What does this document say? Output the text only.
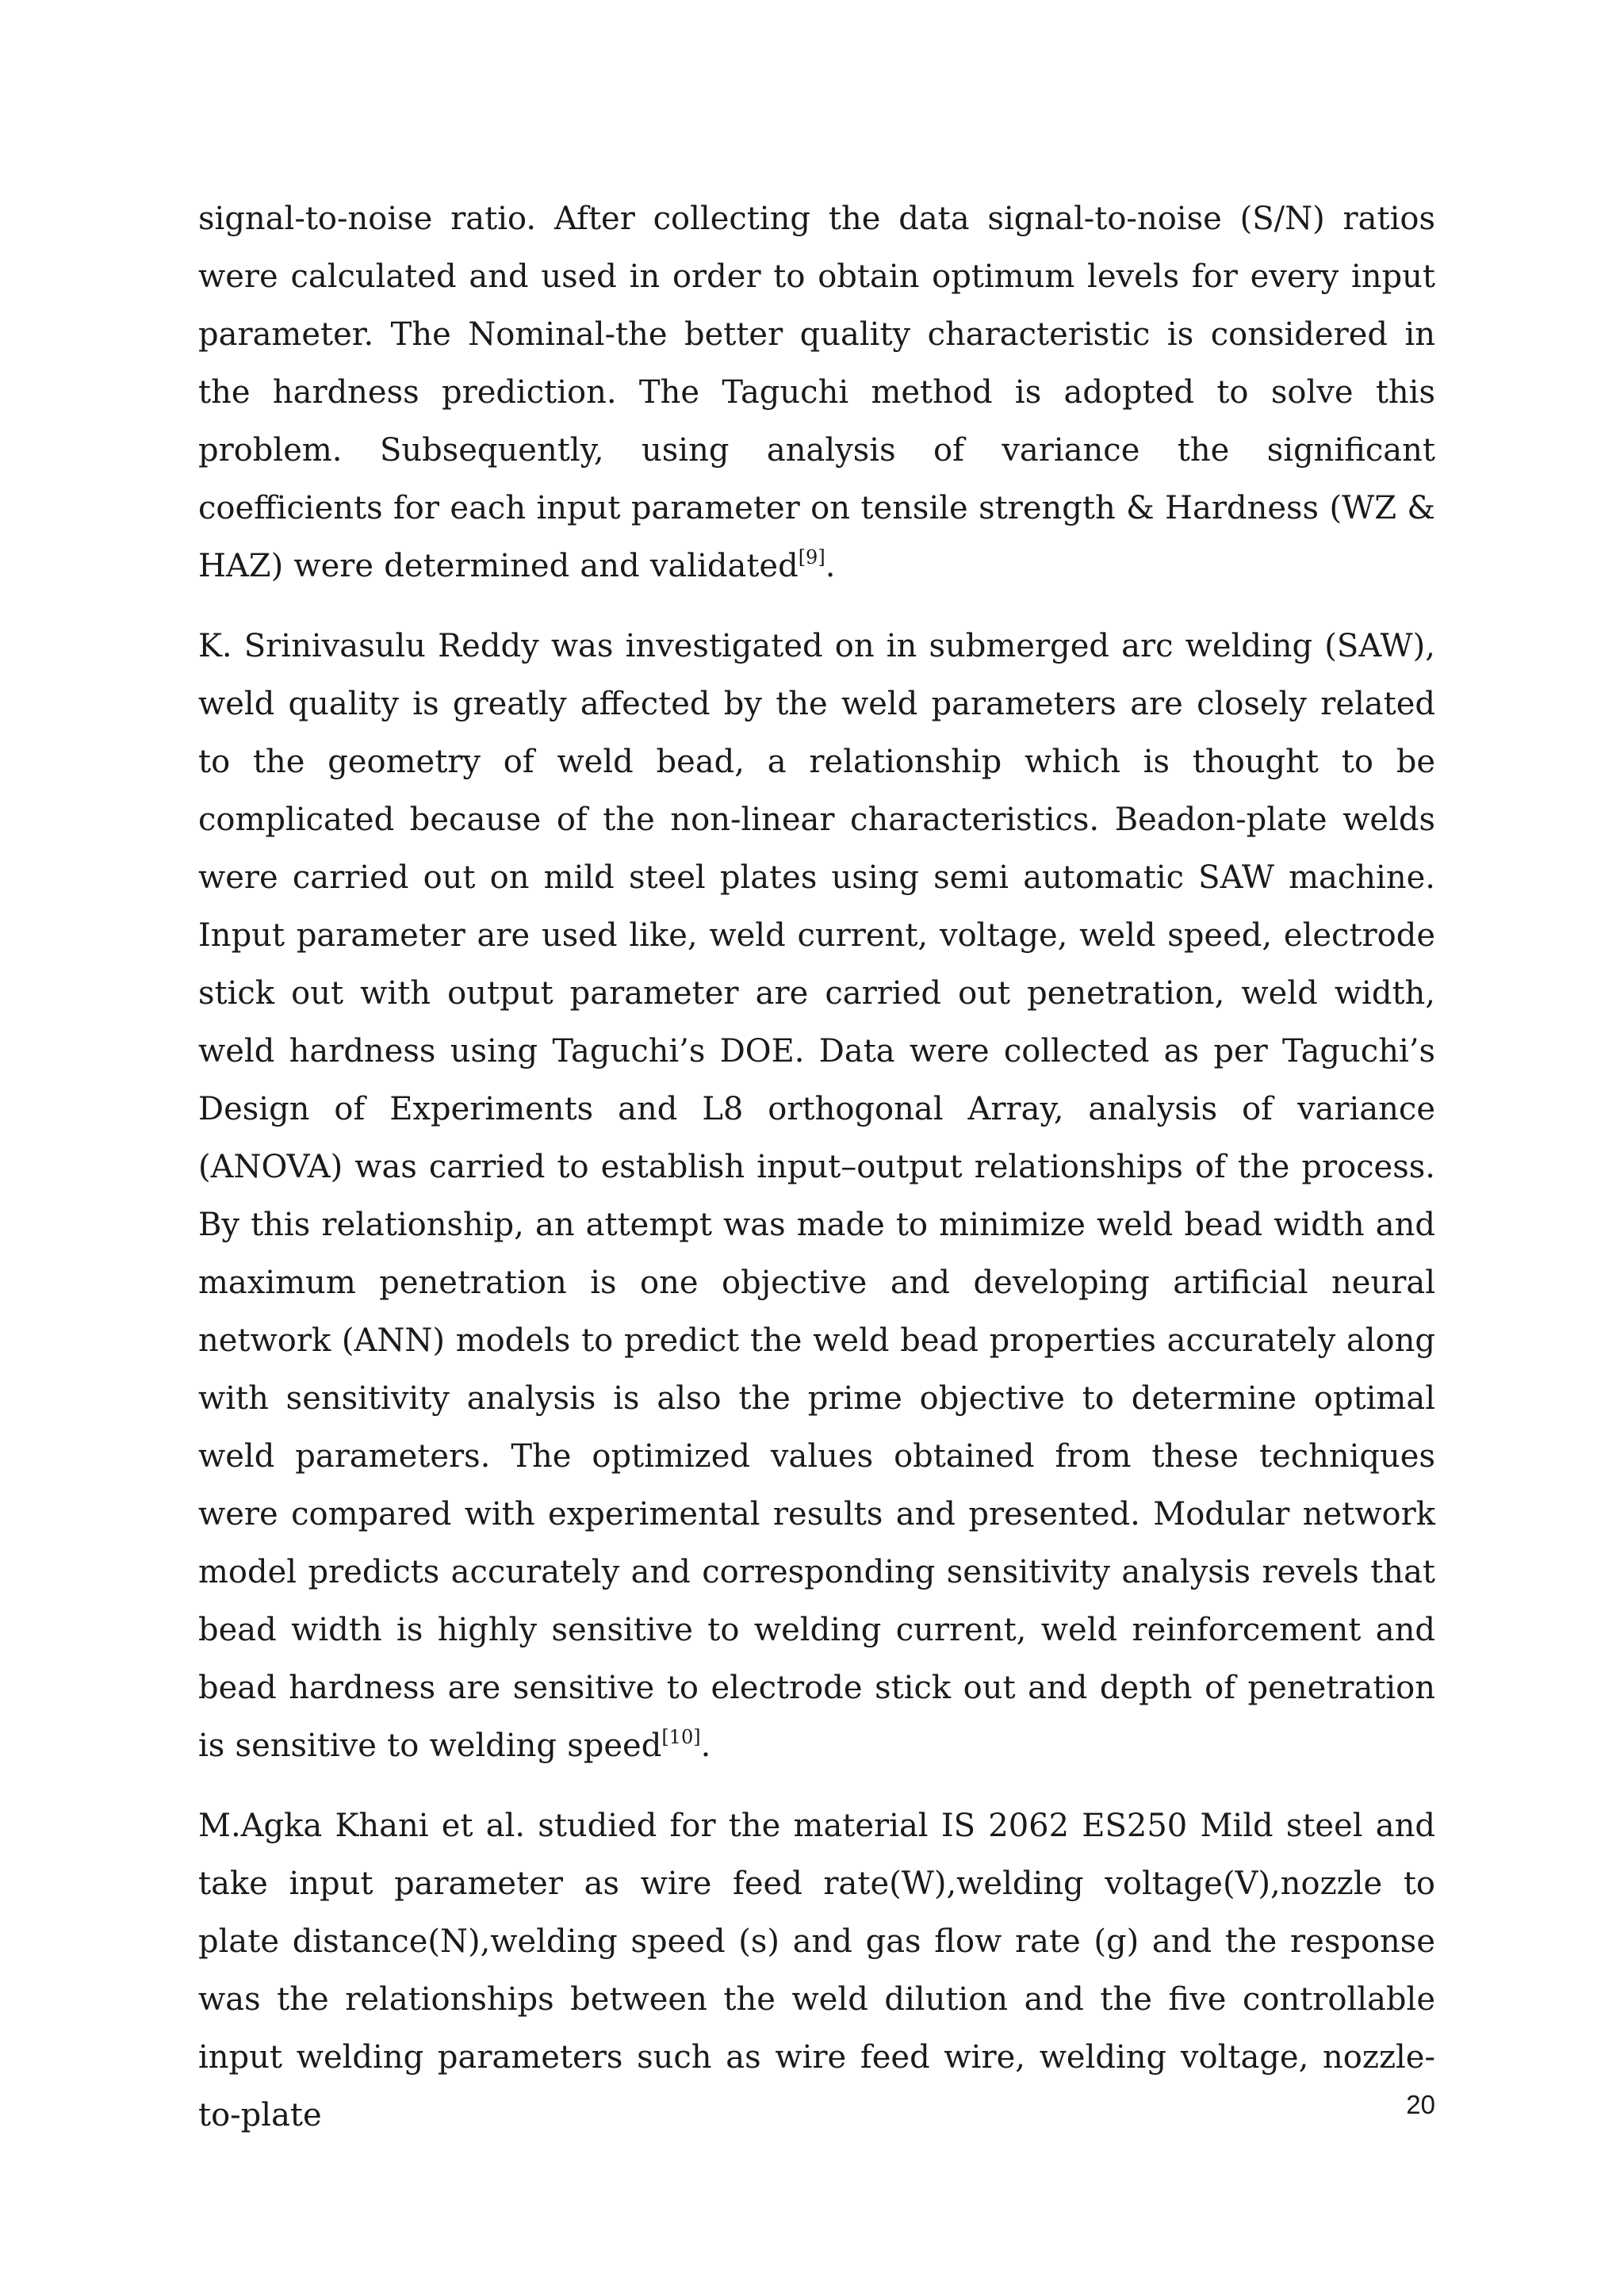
signal-to-noise ratio. After collecting the data signal-to-noise (S/N) ratios were calculated and used in order to obtain optimum levels for every input parameter. The Nominal-the better quality characteristic is considered in the hardness prediction. The Taguchi method is adopted to solve this problem. Subsequently, using analysis of variance the significant coefficients for each input parameter on tensile strength & Hardness (WZ & HAZ) were determined and validated[9].

K. Srinivasulu Reddy was investigated on in submerged arc welding (SAW), weld quality is greatly affected by the weld parameters are closely related to the geometry of weld bead, a relationship which is thought to be complicated because of the non-linear characteristics. Beadon-plate welds were carried out on mild steel plates using semi automatic SAW machine. Input parameter are used like, weld current, voltage, weld speed, electrode stick out with output parameter are carried out penetration, weld width, weld hardness using Taguchi’s DOE. Data were collected as per Taguchi’s Design of Experiments and L8 orthogonal Array, analysis of variance (ANOVA) was carried to establish input–output relationships of the process. By this relationship, an attempt was made to minimize weld bead width and maximum penetration is one objective and developing artificial neural network (ANN) models to predict the weld bead properties accurately along with sensitivity analysis is also the prime objective to determine optimal weld parameters. The optimized values obtained from these techniques were compared with experimental results and presented. Modular network model predicts accurately and corresponding sensitivity analysis revels that bead width is highly sensitive to welding current, weld reinforcement and bead hardness are sensitive to electrode stick out and depth of penetration is sensitive to welding speed[10].

M.Agka Khani et al. studied for the material IS 2062 ES250 Mild steel and take input parameter as wire feed rate(W),welding voltage(V),nozzle to plate distance(N),welding speed (s) and gas flow rate (g) and the response was the relationships between the weld dilution and the five controllable input welding parameters such as wire feed wire, welding voltage, nozzle-to-plate	20
